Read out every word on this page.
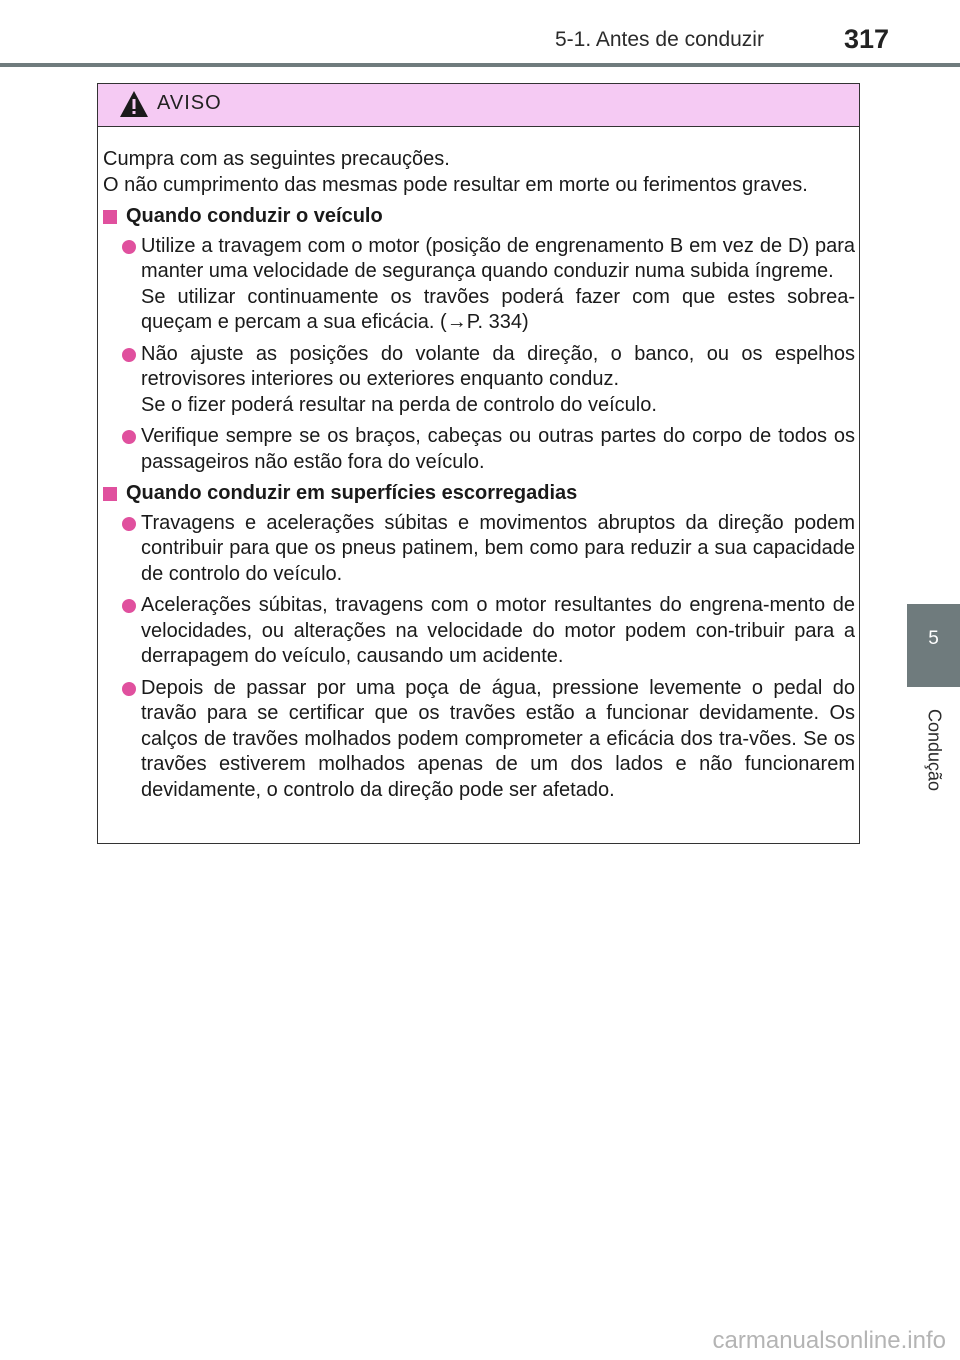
5-1. Antes de conduzir	317
5
Condução
AVISO

Cumpra com as seguintes precauções.

O não cumprimento das mesmas pode resultar em morte ou ferimentos graves.

Quando conduzir o veículo

Utilize a travagem com o motor (posição de engrenamento B em vez de D) para manter uma velocidade de segurança quando conduzir numa subida íngreme.

Se utilizar continuamente os travões poderá fazer com que estes sobrea-queçam e percam a sua eficácia. (→P. 334)

Não ajuste as posições do volante da direção, o banco, ou os espelhos retrovisores interiores ou exteriores enquanto conduz.

Se o fizer poderá resultar na perda de controlo do veículo.

Verifique sempre se os braços, cabeças ou outras partes do corpo de todos os passageiros não estão fora do veículo.

Quando conduzir em superfícies escorregadias

Travagens e acelerações súbitas e movimentos abruptos da direção podem contribuir para que os pneus patinem, bem como para reduzir a sua capacidade de controlo do veículo.

Acelerações súbitas, travagens com o motor resultantes do engrena-mento de velocidades, ou alterações na velocidade do motor podem con-tribuir para a derrapagem do veículo, causando um acidente.

Depois de passar por uma poça de água, pressione levemente o pedal do travão para se certificar que os travões estão a funcionar devidamente. Os calços de travões molhados podem comprometer a eficácia dos tra-vões. Se os travões estiverem molhados apenas de um dos lados e não funcionarem devidamente, o controlo da direção pode ser afetado.

carmanualsonline.info
